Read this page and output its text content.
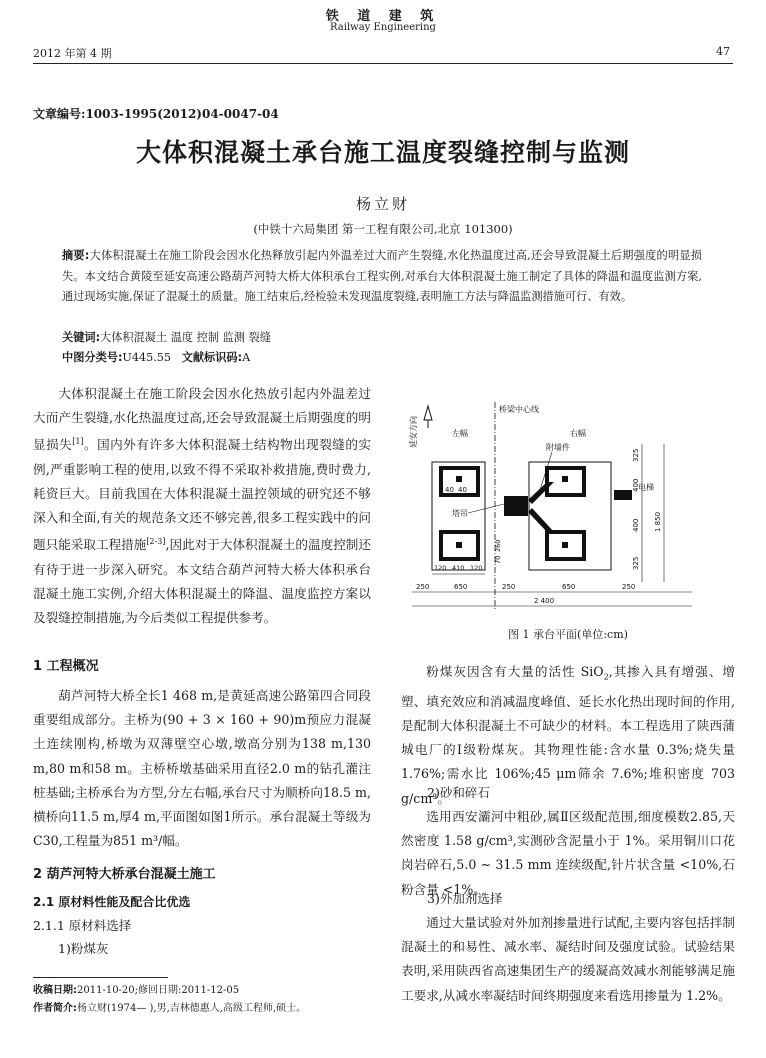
铁 道 建 筑
Railway Engineering
2012 年第 4 期	47
文章编号:1003-1995(2012)04-0047-04
大体积混凝土承台施工温度裂缝控制与监测
杨立财
(中铁十六局集团 第一工程有限公司,北京 101300)
摘要:大体积混凝土在施工阶段会因水化热释放引起内外温差过大而产生裂缝,水化热温度过高,还会导致混凝土后期强度的明显损失。本文结合黄陵至延安高速公路葫芦河特大桥大体积承台工程实例,对承台大体积混凝土施工制定了具体的降温和温度监测方案,通过现场实施,保证了混凝土的质量。施工结束后,经检验未发现温度裂缝,表明施工方法与降温监测措施可行、有效。
关键词:大体积混凝土 温度 控制 监测 裂缝
中图分类号:U445.55 文献标识码:A

大体积混凝土在施工阶段会因水化热放引起内外温差过大而产生裂缝,水化热温度过高,还会导致混凝土后期强度的明显损失[1]。国内外有许多大体积混凝土结构物出现裂缝的实例,严重影响工程的使用,以致不得不采取补救措施,费时费力,耗资巨大。目前我国在大体积混凝土温控领域的研究还不够深入和全面,有关的规范条文还不够完善,很多工程实践中的问题只能采取工程措施[2-3],因此对于大体积混凝土的温度控制还有待于进一步深入研究。本文结合葫芦河特大桥大体积承台混凝土施工实例,介绍大体积混凝土的降温、温度监控方案以及裂缝控制措施,为今后类似工程提供参考。

1 工程概况

葫芦河特大桥全长1 468 m,是黄延高速公路第四合同段重要组成部分。主桥为(90 + 3 × 160 + 90)m预应力混凝土连续刚构,桥墩为双薄壁空心墩,墩高分别为138 m,130 m,80 m和58 m。主桥桥墩基础采用直径2.0 m的钻孔灌注桩基础;主桥承台为方型,分左右幅,承台尺寸为顺桥向18.5 m,横桥向11.5 m,厚4 m,平面图如图1所示。承台混凝土等级为C30,工程量为851 m³/幅。

2 葫芦河特大桥承台混凝土施工
2.1 原材料性能及配合比优选
2.1.1 原材料选择
1)粉煤灰
延安方向
桥梁中心线
左幅	右幅
40 40
塔吊
附墙件
电梯
325
400
400
325
1 850
260
70
120 410 120
250	650	250	650	250
2 400
图 1 承台平面(单位:cm)

粉煤灰因含有大量的活性 SiO$_2$,其掺入具有增强、增塑、填充效应和消减温度峰值、延长水化热出现时间的作用,是配制大体积混凝土不可缺少的材料。本工程选用了陕西蒲城电厂的Ⅰ级粉煤灰。其物理性能:含水量 0.3%;烧失量 1.76%;需水比 106%;45 μm筛余 7.6%;堆积密度 703 g/cm³。

2)砂和碎石

选用西安灞河中粗砂,属Ⅱ区级配范围,细度模数2.85,天然密度 1.58 g/cm³,实测砂含泥量小于 1%。采用铜川口花岗岩碎石,5.0 ~ 31.5 mm 连续级配,针片状含量 <10%,石粉含量 <1%。

3)外加剂选择

通过大量试验对外加剂掺量进行试配,主要内容包括拌制混凝土的和易性、减水率、凝结时间及强度试验。试验结果表明,采用陕西省高速集团生产的缓凝高效减水剂能够满足施工要求,从减水率凝结时间终期强度来看选用掺量为 1.2%。

收稿日期:2011-10-20;修回日期:2011-12-05
作者简介:杨立财(1974— ),男,吉林德惠人,高级工程师,硕士。
